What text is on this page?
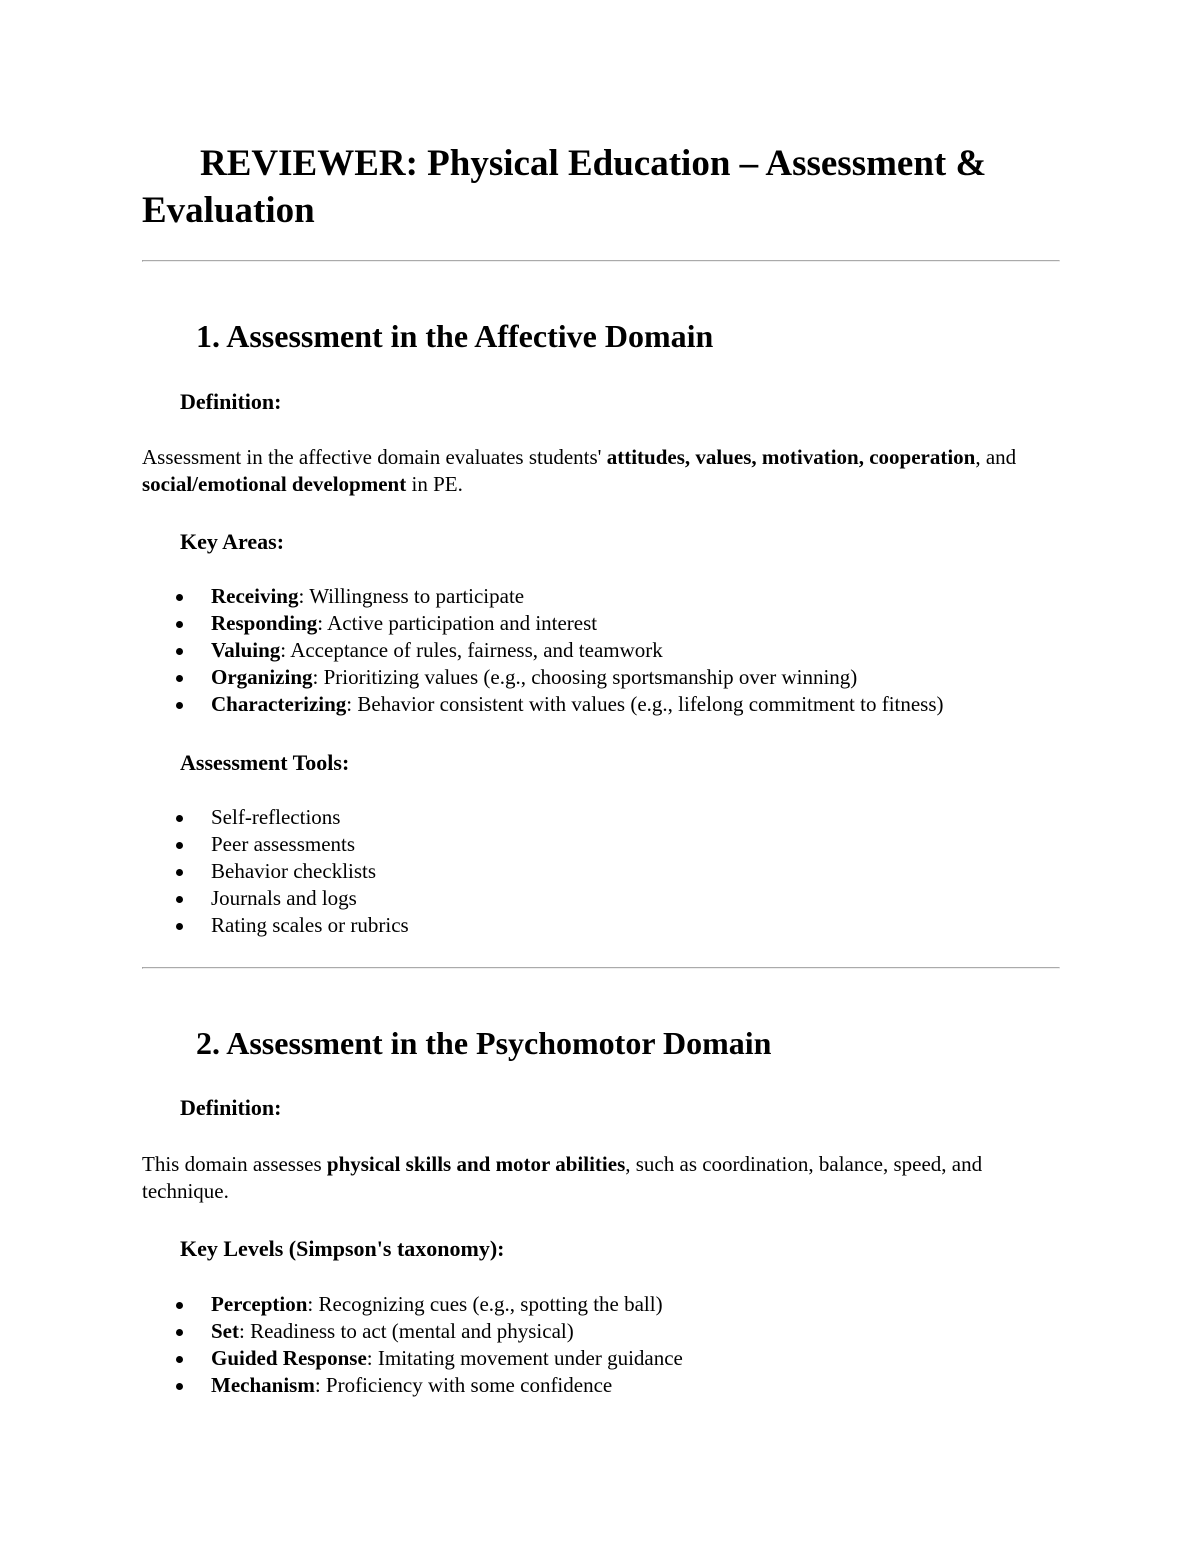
REVIEWER: Physical Education – Assessment & Evaluation
1. Assessment in the Affective Domain
Definition:

Assessment in the affective domain evaluates students' attitudes, values, motivation, cooperation, and social/emotional development in PE.

Key Areas:
Receiving: Willingness to participate
Responding: Active participation and interest
Valuing: Acceptance of rules, fairness, and teamwork
Organizing: Prioritizing values (e.g., choosing sportsmanship over winning)
Characterizing: Behavior consistent with values (e.g., lifelong commitment to fitness)
Assessment Tools:
Self-reflections
Peer assessments
Behavior checklists
Journals and logs
Rating scales or rubrics
2. Assessment in the Psychomotor Domain
Definition:

This domain assesses physical skills and motor abilities, such as coordination, balance, speed, and technique.

Key Levels (Simpson's taxonomy):
Perception: Recognizing cues (e.g., spotting the ball)
Set: Readiness to act (mental and physical)
Guided Response: Imitating movement under guidance
Mechanism: Proficiency with some confidence
